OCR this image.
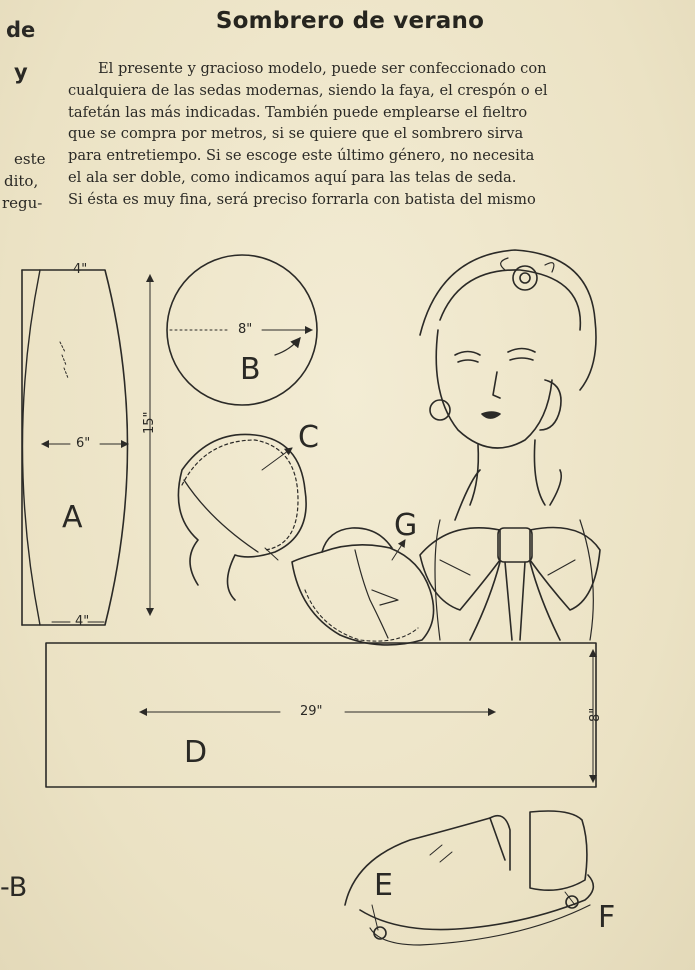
Sombrero de verano
de
y
este
dito,
regu-
-B
El presente y gracioso modelo, puede ser confeccionado con
cualquiera de las sedas modernas, siendo la faya, el crespón o el
tafetán las más indicadas. También puede emplearse el fieltro
que se compra por metros, si se quiere que el sombrero sirva
para entretiempo. Si se escoge este último género, no necesita
el ala ser doble, como indicamos aquí para las telas de seda.
Si ésta es muy fina, será preciso forrarla con batista del mismo
A
B
C
D
E
F
G
4"
6"
15"
4"
8"
29"	8"
